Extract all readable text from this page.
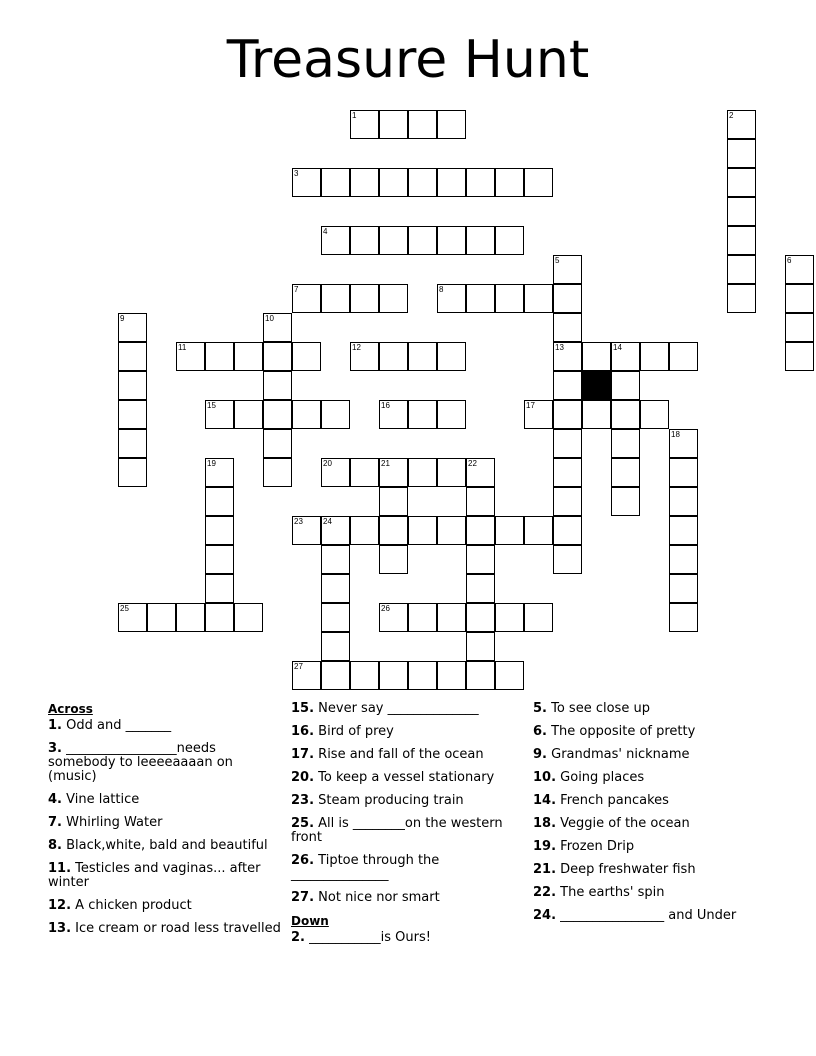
Treasure Hunt
1	2
3
4
5
13
6
7	8
9	10
11	12	14
15	16	17
18
19	20	21	22
23	24
25	26
27
Across
1. Odd and _______
3. _________________needs somebody to leeeeaaaan on (music)
4. Vine lattice
7. Whirling Water
8. Black,white, bald and beautiful
11. Testicles and vaginas... after winter
12. A chicken product
13. Ice cream or road less travelled
15. Never say ______________
16. Bird of prey
17. Rise and fall of the ocean
20. To keep a vessel stationary
23. Steam producing train
25. All is ________on the western front
26. Tiptoe through the _______________
27. Not nice nor smart
Down
2. ___________is Ours!
5. To see close up
6. The opposite of pretty
9. Grandmas' nickname
10. Going places
14. French pancakes
18. Veggie of the ocean
19. Frozen Drip
21. Deep freshwater fish
22. The earths' spin
24. ________________ and Under
